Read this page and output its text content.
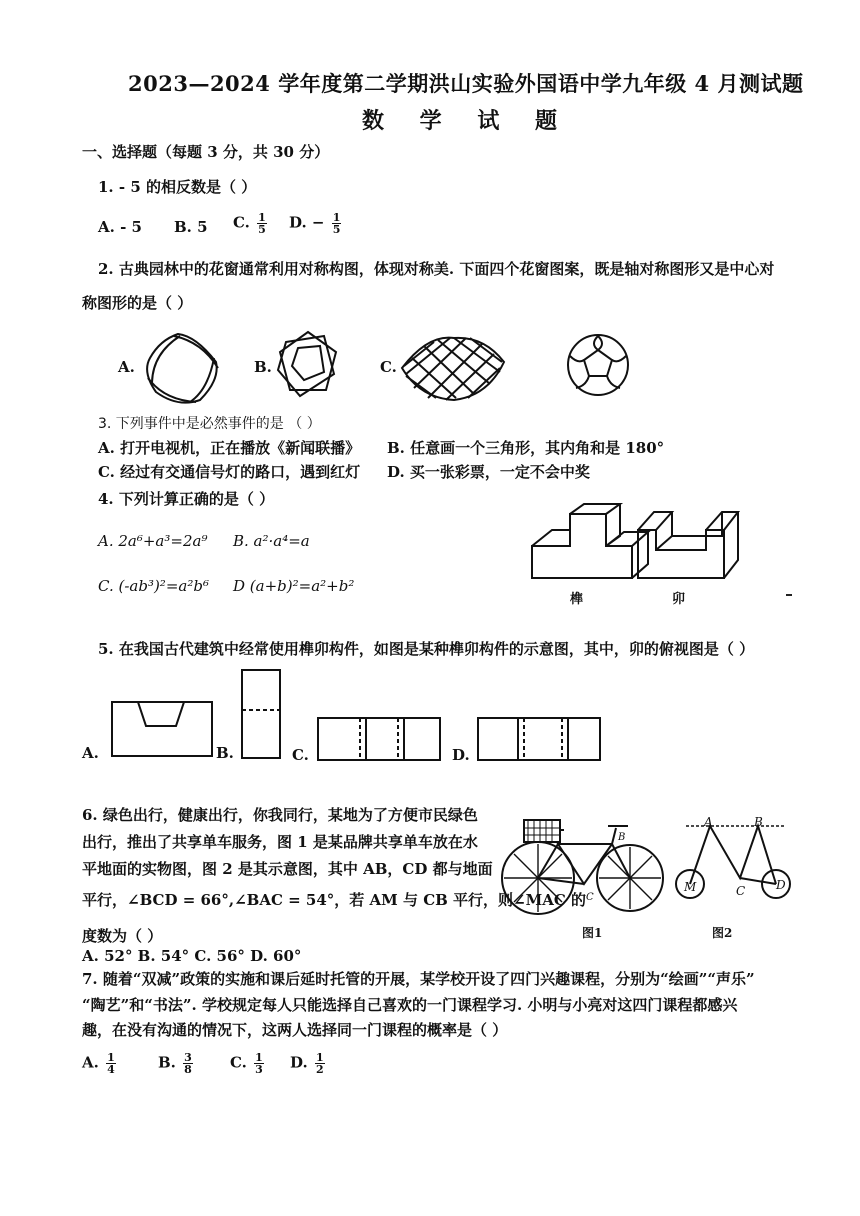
2023—2024 学年度第二学期洪山实验外国语中学九年级 4 月测试题
数 学 试 题
一、选择题（每题 3 分，共 30 分）
1. - 5 的相反数是（ ）
A. - 5 B. 5 C. $\frac{1}{5} D$. − $\frac{1}{5}$
2. 古典园林中的花窗通常利用对称构图，体现对称美. 下面四个花窗图案，既是轴对称图形又是中心对
称图形的是（ ）
A.	B.	C.
3. 下列事件中是必然事件的是 （ ）
A. 打开电视机，正在播放《新闻联播》 B. 任意画一个三角形，其内角和是 180°
C. 经过有交通信号灯的路口，遇到红灯 D. 买一张彩票，一定不会中奖
4. 下列计算正确的是（ ）
A. 2a⁶+a³=2a⁹ B. a²·a⁴=a
C. (-ab³)²=a²b⁶ D (a+b)²=a²+b²
榫	卯
5. 在我国古代建筑中经常使用榫卯构件，如图是某种榫卯构件的示意图，其中，卯的俯视图是（ ）
A.	B.	C.	D.
6. 绿色出行，健康出行，你我同行，某地为了方便市民绿色
出行，推出了共享单车服务，图 1 是某品牌共享单车放在水
平地面的实物图，图 2 是其示意图，其中 AB，CD 都与地面
平行，∠BCD = 66°,∠BAC = 54°，若 AM 与 CB 平行，则∠MAC 的
度数为（ ）
A. 52° B. 54° C. 56° D. 60°
B
C
图1
A	B
C	D
M
图2
7. 随着“双减”政策的实施和课后延时托管的开展，某学校开设了四门兴趣课程，分别为“绘画”“声乐”
“陶艺”和“书法”. 学校规定每人只能选择自己喜欢的一门课程学习. 小明与小亮对这四门课程都感兴
趣，在没有沟通的情况下，这两人选择同一门课程的概率是（ ）
A. $\frac{1}{4}$	B. $\frac{3}{8} C$. $\frac{1}{3} D$. $\frac{1}{2}$
